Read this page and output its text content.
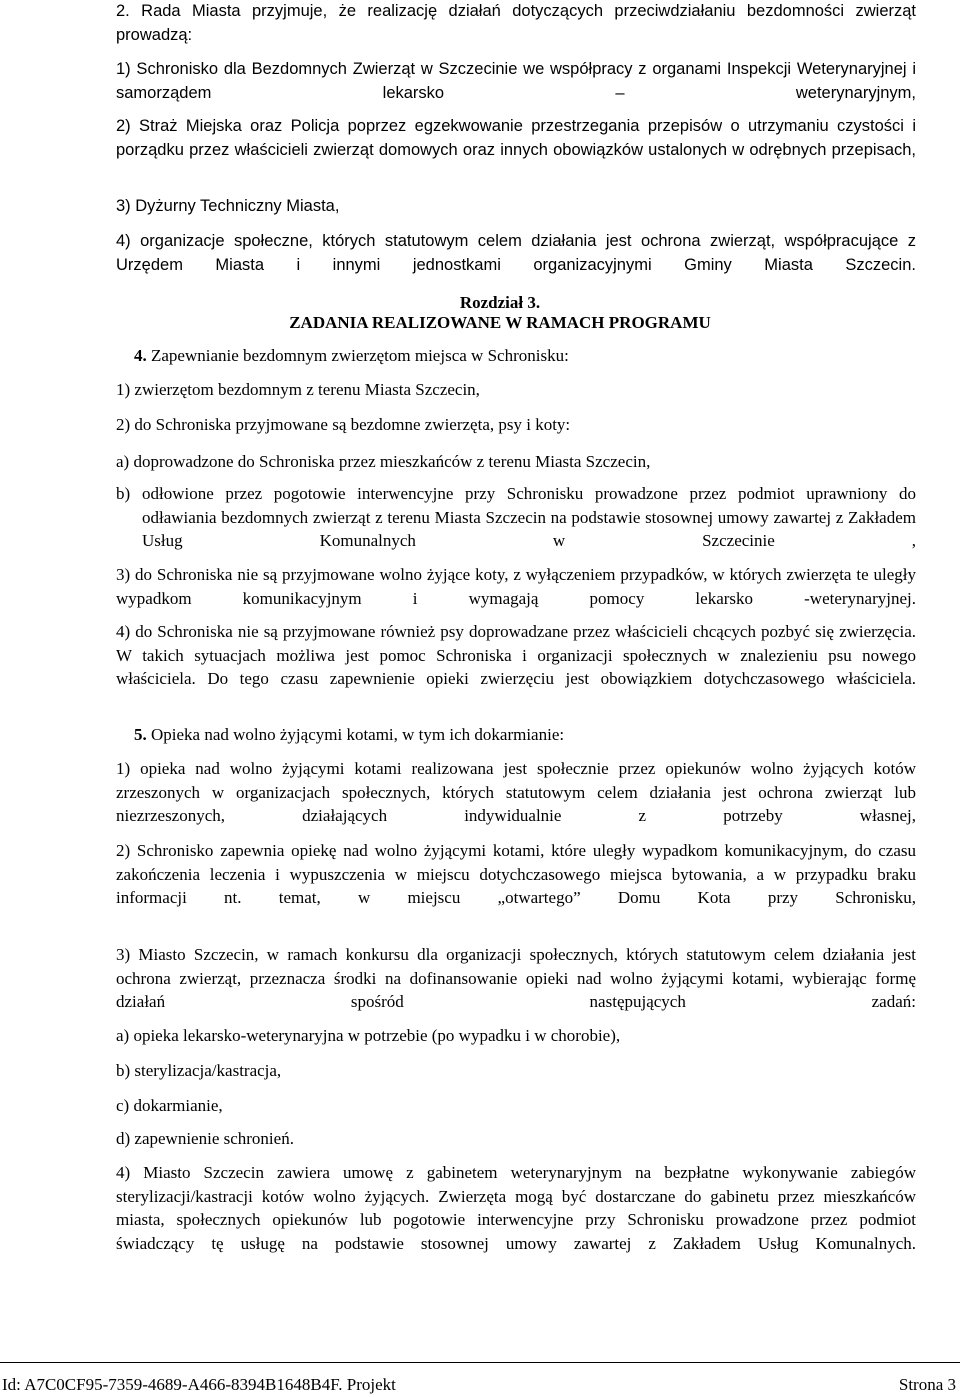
2. Rada Miasta przyjmuje, że realizację działań dotyczących przeciwdziałaniu bezdomności zwierząt prowadzą:

1) Schronisko dla Bezdomnych Zwierząt w Szczecinie we współpracy z organami Inspekcji Weterynaryjnej i samorządem lekarsko – weterynaryjnym,

2) Straż Miejska oraz Policja poprzez egzekwowanie przestrzegania przepisów o utrzymaniu czystości i porządku przez właścicieli zwierząt domowych oraz innych obowiązków ustalonych w odrębnych przepisach,

3) Dyżurny Techniczny Miasta,

4) organizacje społeczne, których statutowym celem działania jest ochrona zwierząt, współpracujące z Urzędem Miasta i innymi jednostkami organizacyjnymi Gminy Miasta Szczecin.

Rozdział 3.
ZADANIA REALIZOWANE W RAMACH PROGRAMU
4. Zapewnianie bezdomnym zwierzętom miejsca w Schronisku:

1) zwierzętom bezdomnym z terenu Miasta Szczecin,

2) do Schroniska przyjmowane są bezdomne zwierzęta, psy i koty:

a) doprowadzone do Schroniska przez mieszkańców z terenu Miasta Szczecin,

b) odłowione przez pogotowie interwencyjne przy Schronisku prowadzone przez podmiot uprawniony do odławiania bezdomnych zwierząt z terenu Miasta Szczecin na podstawie stosownej umowy zawartej z Zakładem Usług Komunalnych w Szczecinie ,

3) do Schroniska nie są przyjmowane wolno żyjące koty, z wyłączeniem przypadków, w których zwierzęta te uległy wypadkom komunikacyjnym i wymagają pomocy lekarsko -weterynaryjnej.

4) do Schroniska nie są przyjmowane również psy doprowadzane przez właścicieli chcących pozbyć się zwierzęcia. W takich sytuacjach możliwa jest pomoc Schroniska i organizacji społecznych w znalezieniu psu nowego właściciela. Do tego czasu zapewnienie opieki zwierzęciu jest obowiązkiem dotychczasowego właściciela.

5. Opieka nad wolno żyjącymi kotami, w tym ich dokarmianie:

1) opieka nad wolno żyjącymi kotami realizowana jest społecznie przez opiekunów wolno żyjących kotów zrzeszonych w organizacjach społecznych, których statutowym celem działania jest ochrona zwierząt lub niezrzeszonych, działających indywidualnie z potrzeby własnej,

2) Schronisko zapewnia opiekę nad wolno żyjącymi kotami, które uległy wypadkom komunikacyjnym, do czasu zakończenia leczenia i wypuszczenia w miejscu dotychczasowego miejsca bytowania, a w przypadku braku informacji nt. temat, w miejscu „otwartego” Domu Kota przy Schronisku,

3) Miasto Szczecin, w ramach konkursu dla organizacji społecznych, których statutowym celem działania jest ochrona zwierząt, przeznacza środki na dofinansowanie opieki nad wolno żyjącymi kotami, wybierając formę działań spośród następujących zadań:

a) opieka lekarsko-weterynaryjna w potrzebie (po wypadku i w chorobie),

b) sterylizacja/kastracja,

c) dokarmianie,

d) zapewnienie schronień.

4) Miasto Szczecin zawiera umowę z gabinetem weterynaryjnym na bezpłatne wykonywanie zabiegów sterylizacji/kastracji kotów wolno żyjących. Zwierzęta mogą być dostarczane do gabinetu przez mieszkańców miasta, społecznych opiekunów lub pogotowie interwencyjne przy Schronisku prowadzone przez podmiot świadczący tę usługę na podstawie stosownej umowy zawartej z Zakładem Usług Komunalnych.

Id: A7C0CF95-7359-4689-A466-8394B1648B4F. Projekt	Strona 3
